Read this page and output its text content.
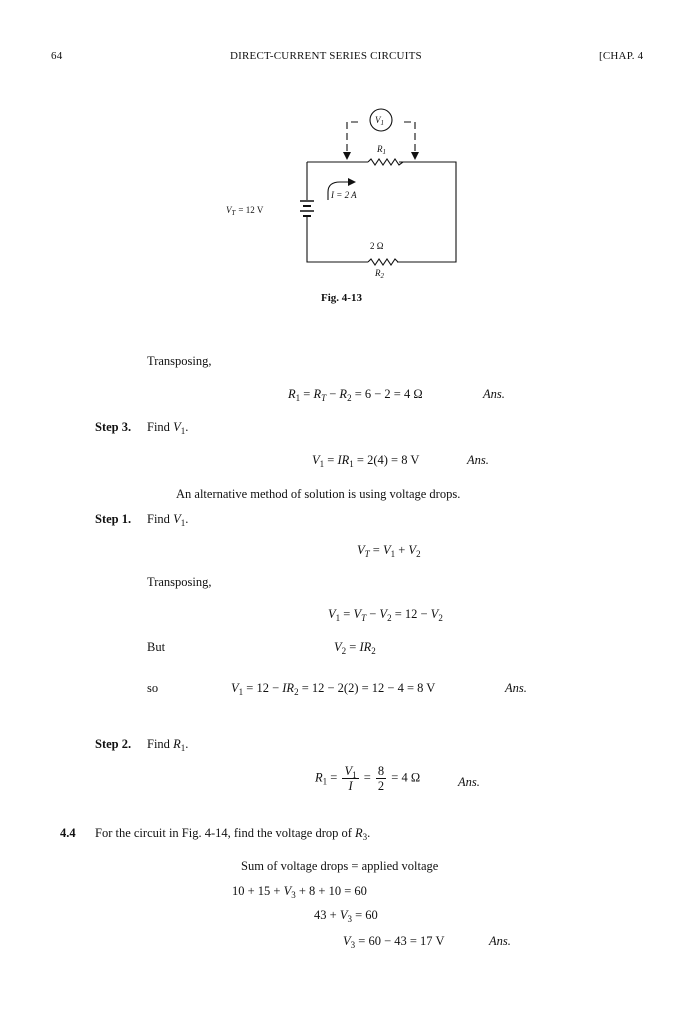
64	DIRECT-CURRENT SERIES CIRCUITS	[CHAP. 4
$V_1$
$R_1$
I = 2 A
$V_T = 12$ V
2 Ω
$R_2$
Fig. 4-13
Transposing,
$R_1 = R_T - R_2 = 6 - 2 = 4$ Ω	Ans.
Step 3. Find $V_1$.
$V_1 = IR_1 = 2(4) = 8$ V	Ans.
An alternative method of solution is using voltage drops.
Step 1. Find $V_1$.
$V_T = V_1 + V_2$
Transposing,
$V_1 = V_T - V_2 = 12 - V_2$
But	$V_2 = IR_2$
so	$V_1 = 12 - IR_2 = 12 - 2(2) = 12 - 4 = 8$ V	Ans.
Step 2. Find $R_1$.
$R_1 = \frac{V_1}{I} = \frac{8}{2} = 4$ Ω	Ans.
4.4 For the circuit in Fig. 4-14, find the voltage drop of $R_3$.
Sum of voltage drops = applied voltage
$10 + 15 + V_3 + 8 + 10 = 60$
$43 + V_3 = 60$
$V_3 = 60 - 43 = 17$ V	Ans.
